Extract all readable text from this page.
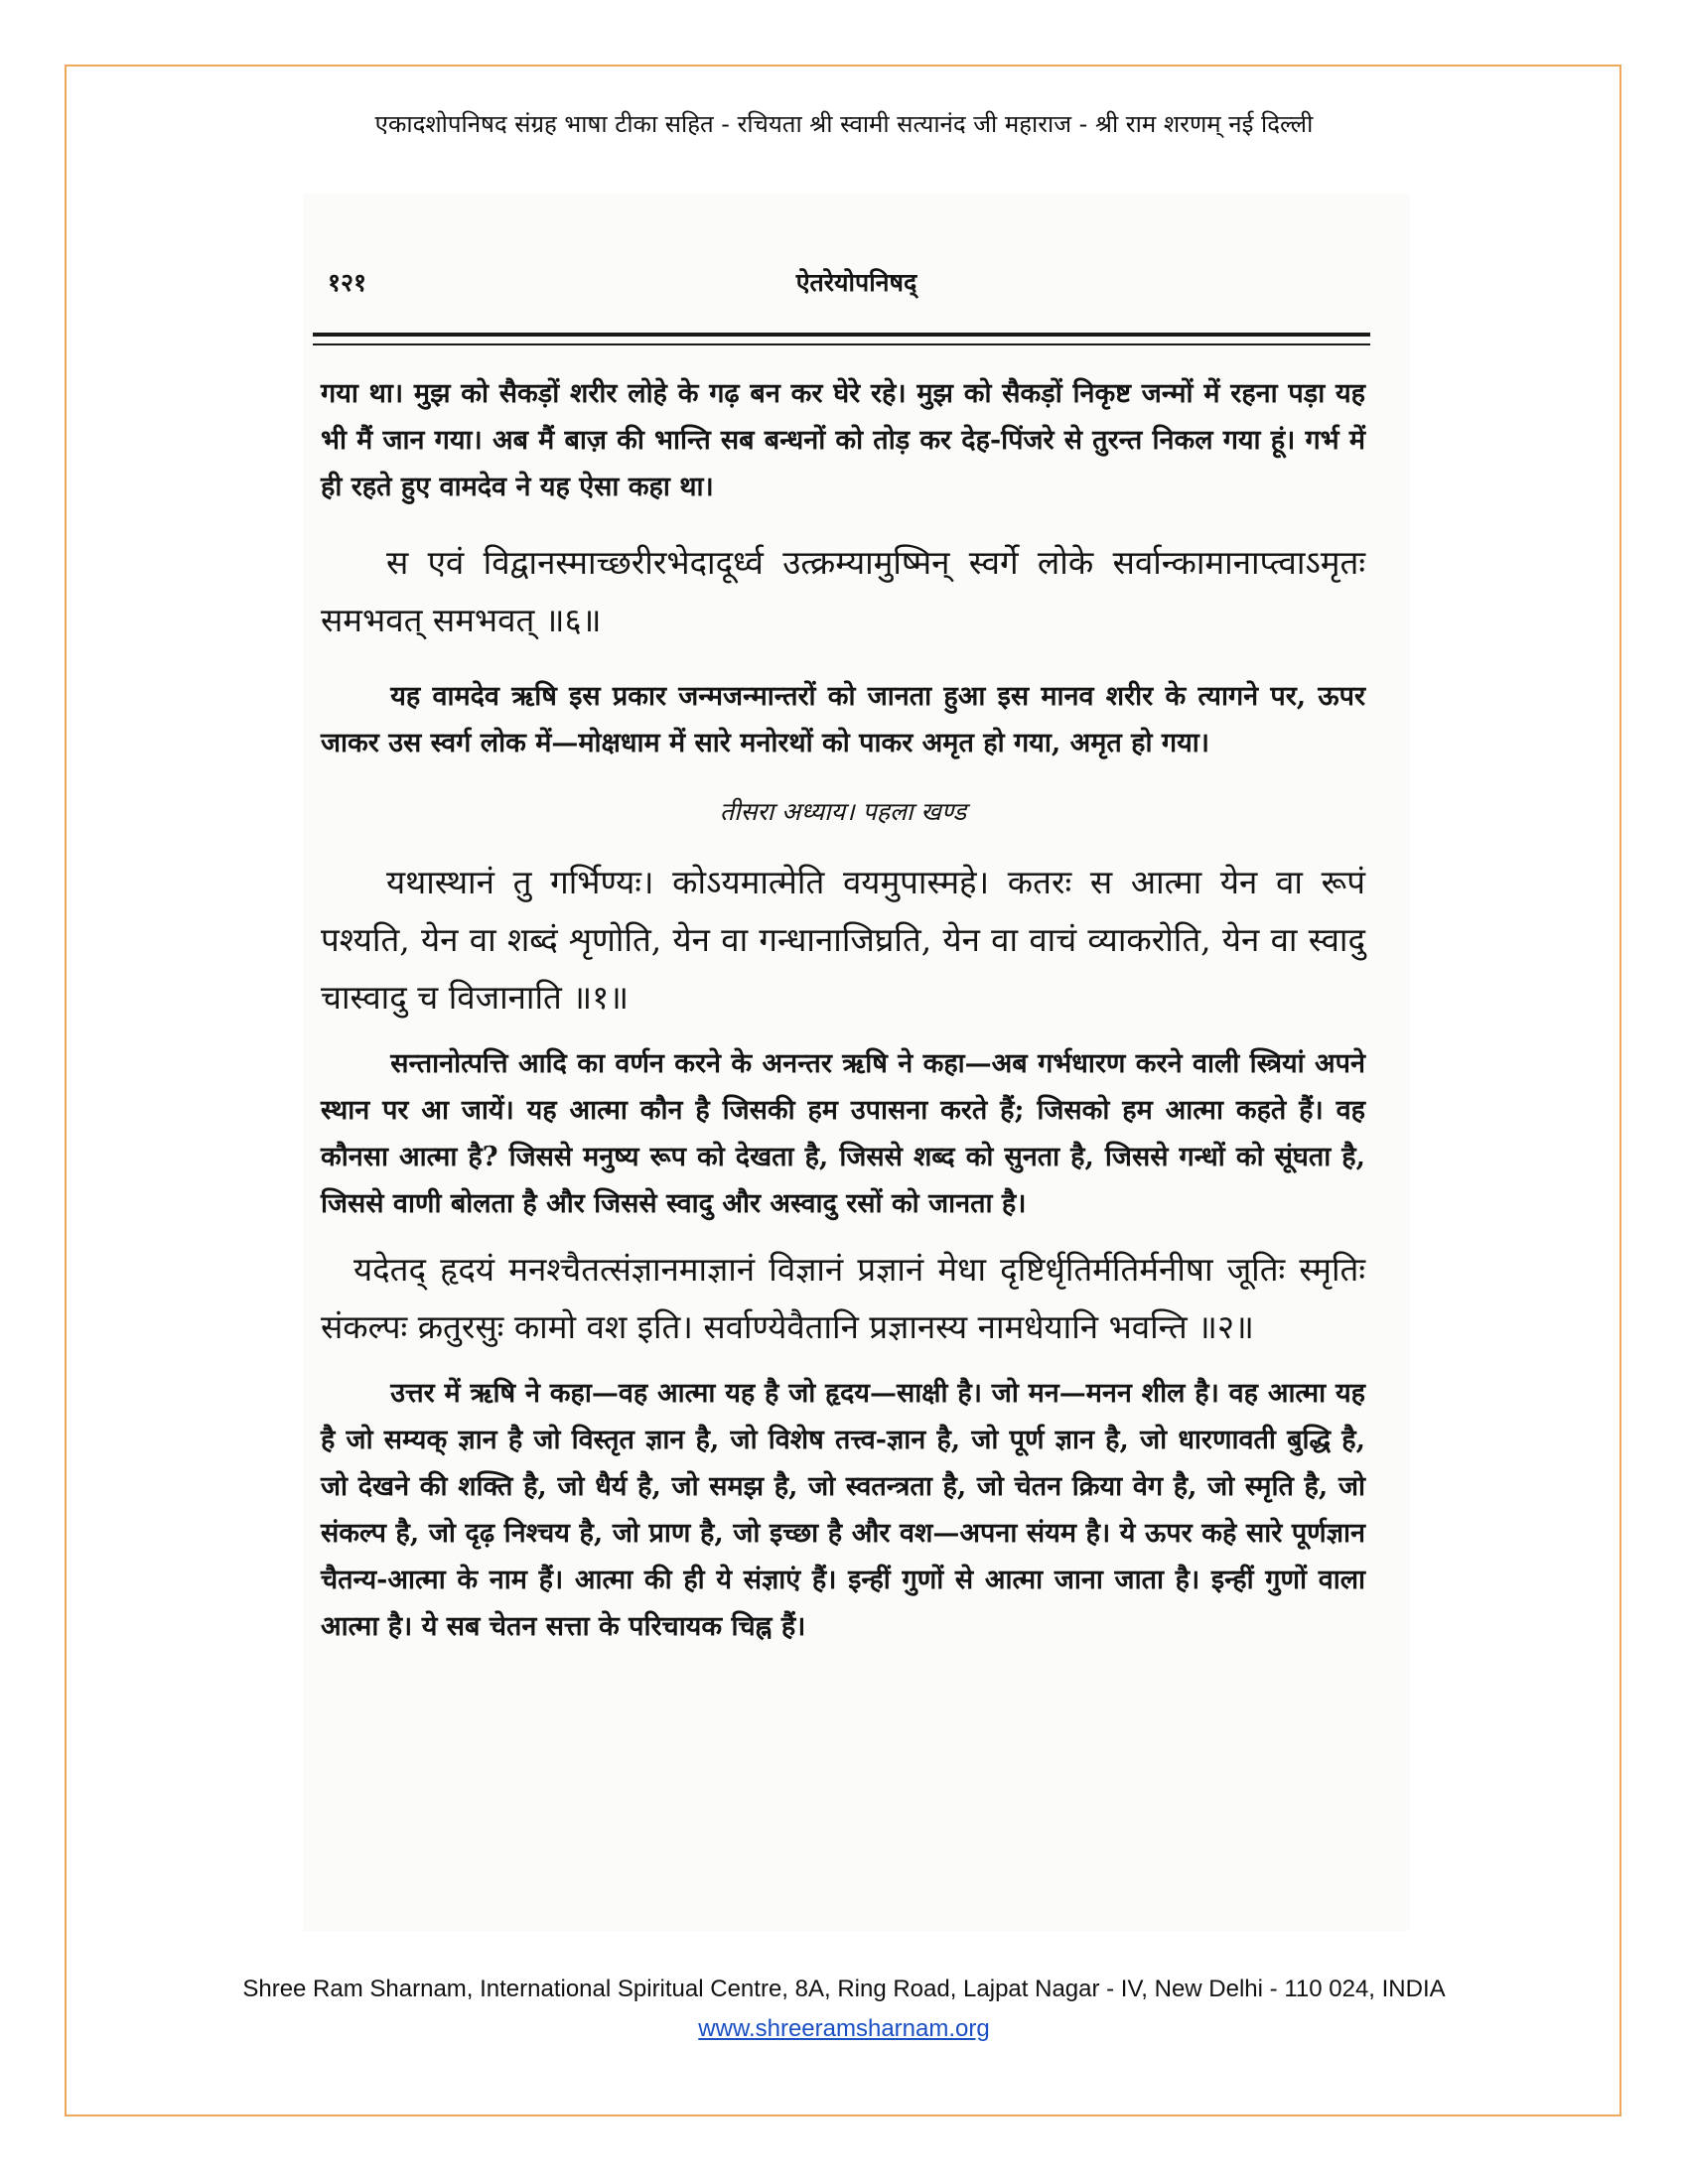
एकादशोपनिषद संग्रह भाषा टीका सहित - रचियता श्री स्वामी सत्यानंद जी महाराज - श्री राम शरणम् नई दिल्ली
१२१	ऐतरेयोपनिषद्

गया था। मुझ को सैकड़ों शरीर लोहे के गढ़ बन कर घेरे रहे। मुझ को सैकड़ों निकृष्ट जन्मों में रहना पड़ा यह भी मैं जान गया। अब मैं बाज़ की भान्ति सब बन्धनों को तोड़ कर देह-पिंजरे से तुरन्त निकल गया हूं। गर्भ में ही रहते हुए वामदेव ने यह ऐसा कहा था।

स एवं विद्वानस्माच्छरीरभेदादूर्ध्व उत्क्रम्यामुष्मिन् स्वर्गे लोके सर्वान्कामानाप्त्वाऽमृतः समभवत् समभवत् ॥६॥

यह वामदेव ऋषि इस प्रकार जन्मजन्मान्तरों को जानता हुआ इस मानव शरीर के त्यागने पर, ऊपर जाकर उस स्वर्ग लोक में—मोक्षधाम में सारे मनोरथों को पाकर अमृत हो गया, अमृत हो गया।

तीसरा अध्याय। पहला खण्ड

यथास्थानं तु गर्भिण्यः। कोऽयमात्मेति वयमुपास्महे। कतरः स आत्मा येन वा रूपं पश्यति, येन वा शब्दं शृणोति, येन वा गन्धानाजिघ्रति, येन वा वाचं व्याकरोति, येन वा स्वादु चास्वादु च विजानाति ॥१॥

सन्तानोत्पत्ति आदि का वर्णन करने के अनन्तर ऋषि ने कहा—अब गर्भधारण करने वाली स्त्रियां अपने स्थान पर आ जायें। यह आत्मा कौन है जिसकी हम उपासना करते हैं; जिसको हम आत्मा कहते हैं। वह कौनसा आत्मा है? जिससे मनुष्य रूप को देखता है, जिससे शब्द को सुनता है, जिससे गन्धों को सूंघता है, जिससे वाणी बोलता है और जिससे स्वादु और अस्वादु रसों को जानता है।

यदेतद् हृदयं मनश्चैतत्संज्ञानमाज्ञानं विज्ञानं प्रज्ञानं मेधा दृष्टिर्धृतिर्मतिर्मनीषा जूतिः स्मृतिः संकल्पः क्रतुरसुः कामो वश इति। सर्वाण्येवैतानि प्रज्ञानस्य नामधेयानि भवन्ति ॥२॥

उत्तर में ऋषि ने कहा—वह आत्मा यह है जो हृदय—साक्षी है। जो मन—मनन शील है। वह आत्मा यह है जो सम्यक् ज्ञान है जो विस्तृत ज्ञान है, जो विशेष तत्त्व-ज्ञान है, जो पूर्ण ज्ञान है, जो धारणावती बुद्धि है, जो देखने की शक्ति है, जो धैर्य है, जो समझ है, जो स्वतन्त्रता है, जो चेतन क्रिया वेग है, जो स्मृति है, जो संकल्प है, जो दृढ़ निश्चय है, जो प्राण है, जो इच्छा है और वश—अपना संयम है। ये ऊपर कहे सारे पूर्णज्ञान चैतन्य-आत्मा के नाम हैं। आत्मा की ही ये संज्ञाएं हैं। इन्हीं गुणों से आत्मा जाना जाता है। इन्हीं गुणों वाला आत्मा है। ये सब चेतन सत्ता के परिचायक चिह्न हैं।

Shree Ram Sharnam, International Spiritual Centre, 8A, Ring Road, Lajpat Nagar - IV, New Delhi - 110 024, INDIA
www.shreeramsharnam.org
